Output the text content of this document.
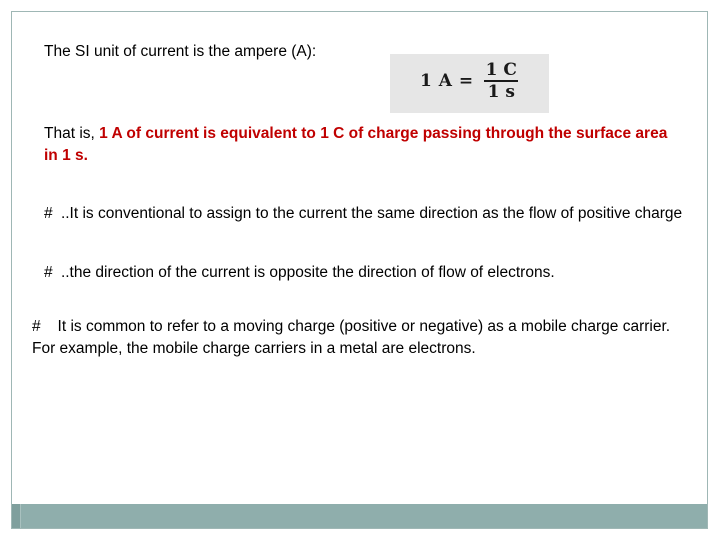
The SI unit of current is the ampere (A):
1 $A = \frac{1 C}{1 s}$
That is, 1 A of current is equivalent to 1 C of charge passing through the surface area in 1 s.
# ..It is conventional to assign to the current the same direction as the flow of positive charge
# ..the direction of the current is opposite the direction of flow of electrons.
# It is common to refer to a moving charge (positive or negative) as a mobile charge carrier. For example, the mobile charge carriers in a metal are electrons.
